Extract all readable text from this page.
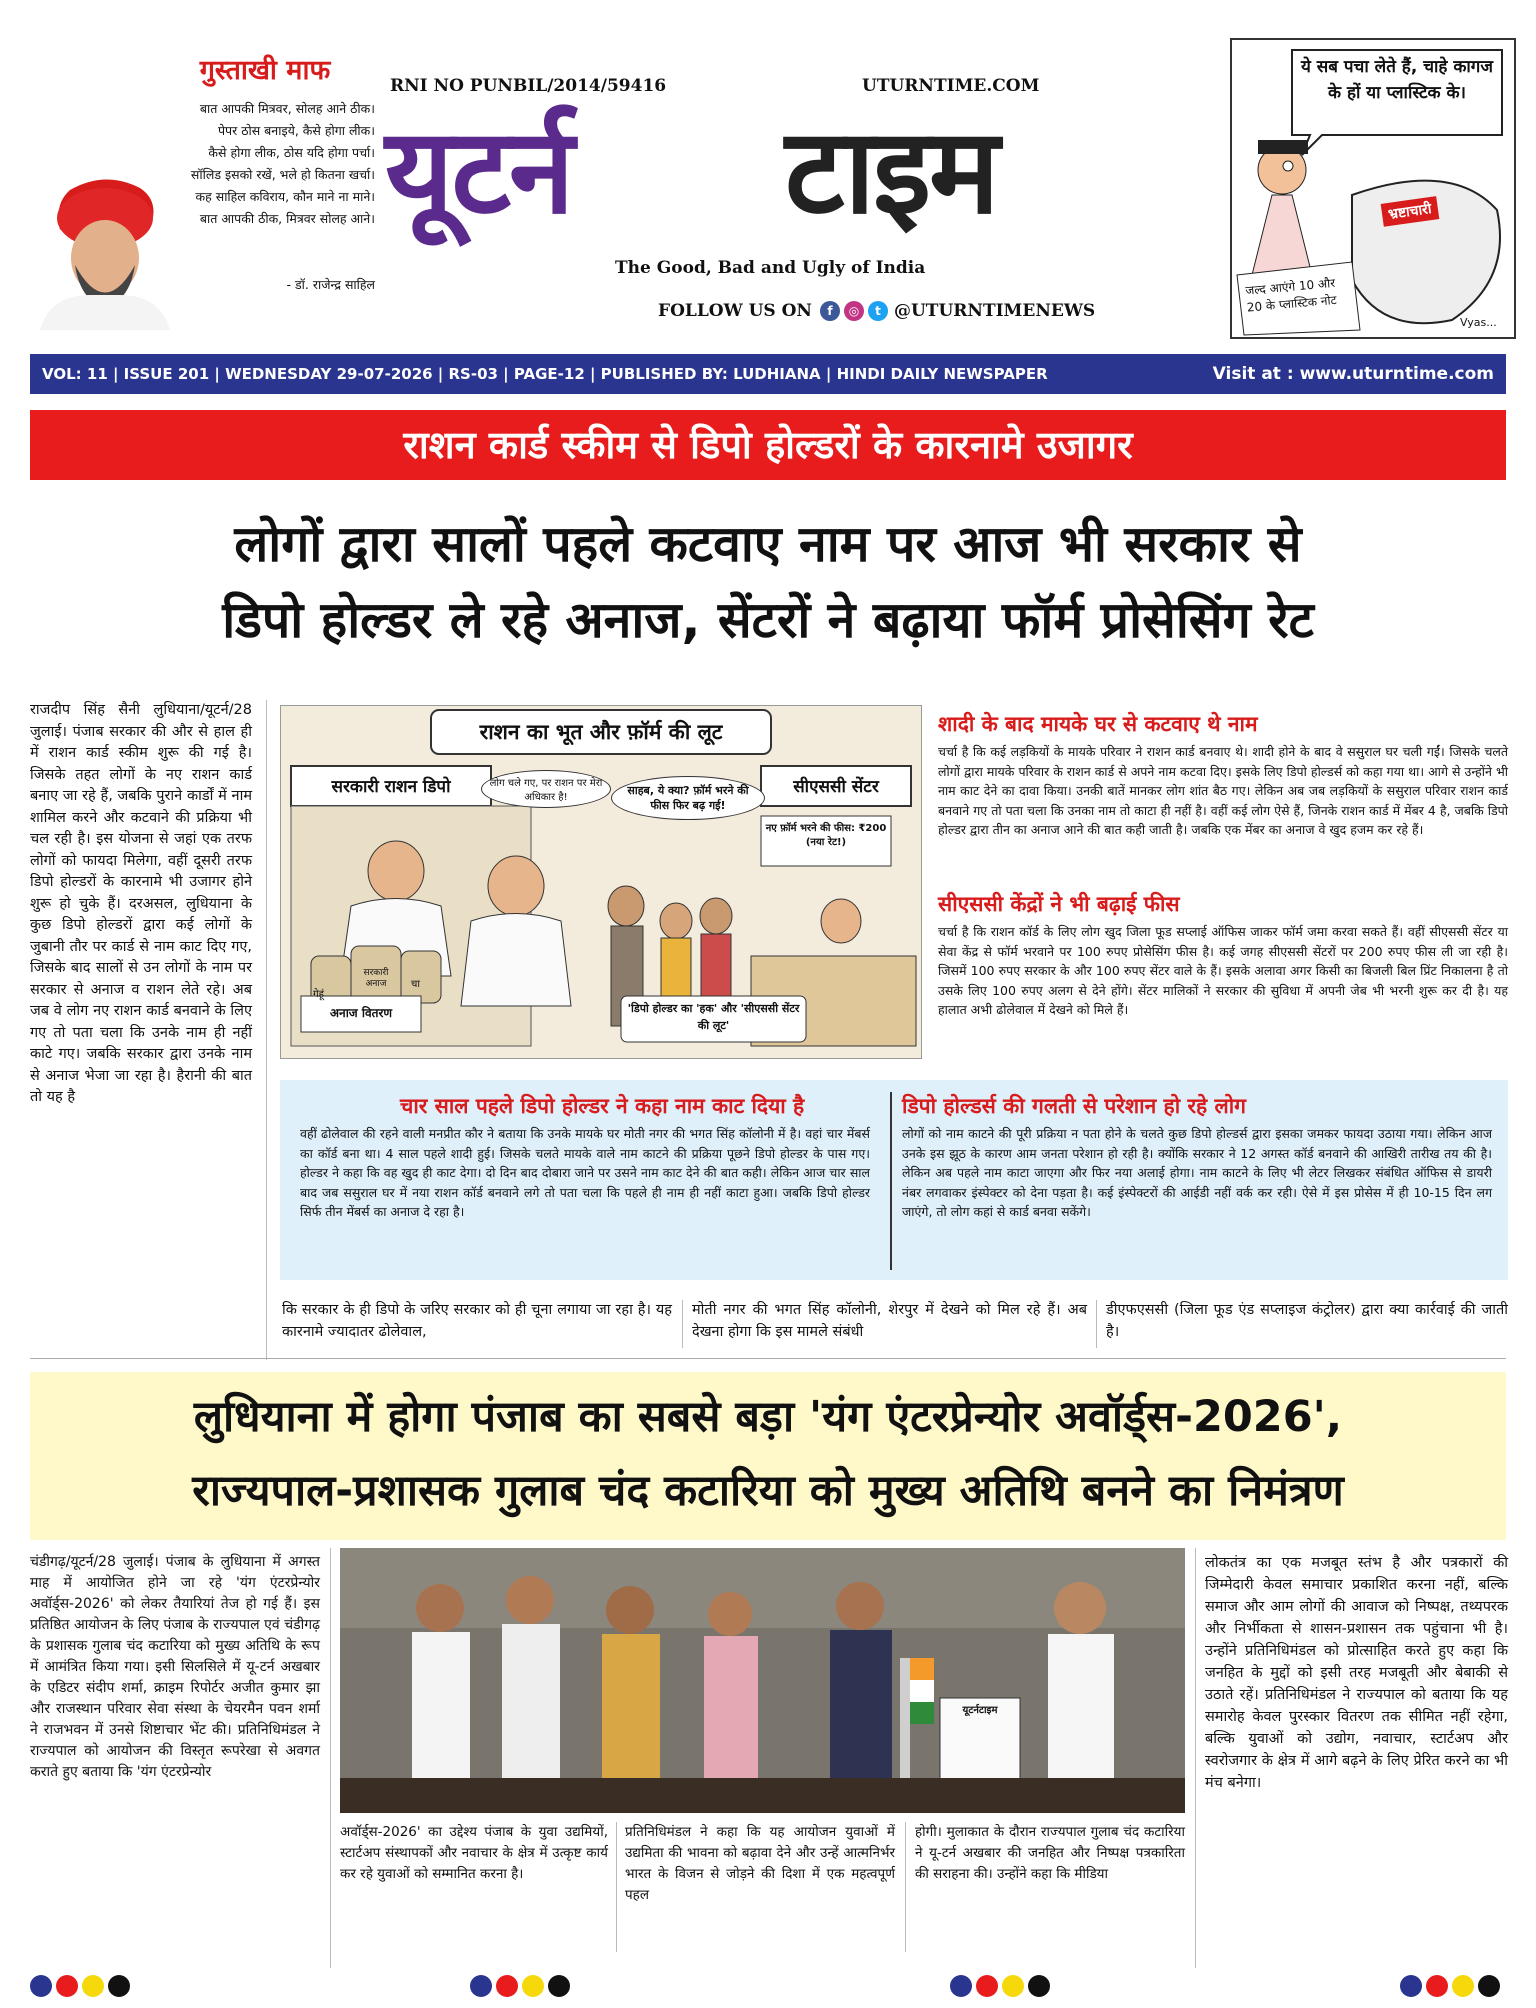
गुस्ताखी माफ
बात आपकी मित्रवर, सोलह आने ठीक।
पेपर ठोस बनाइये, कैसे होगा लीक।
कैसे होगा लीक, ठोस यदि होगा पर्चा।
सॉलिड इसको रखें, भले हो कितना खर्चा।
कह साहिल कविराय, कौन माने ना माने।
बात आपकी ठीक, मित्रवर सोलह आने।
- डॉ. राजेन्द्र साहिल
RNI NO PUNBIL/2014/59416	UTURNTIME.COM
यूटर्न टाइम
The Good, Bad and Ugly of India
FOLLOW US ON	f	◎	t @UTURNTIMENEWS
ये सब पचा लेते हैं, चाहे कागज के हों या प्लास्टिक के।
भ्रष्टाचारी
जल्द आएंगे 10 और 20 के प्लास्टिक नोट
Vyas...
VOL: 11 | ISSUE 201 | WEDNESDAY 29-07-2026 | RS-03 | PAGE-12 | PUBLISHED BY: LUDHIANA | HINDI DAILY NEWSPAPER	Visit at : www.uturntime.com
राशन कार्ड स्कीम से डिपो होल्डरों के कारनामे उजागर
लोगों द्वारा सालों पहले कटवाए नाम पर आज भी सरकार से
डिपो होल्डर ले रहे अनाज, सेंटरों ने बढ़ाया फॉर्म प्रोसेसिंग रेट
राजदीप सिंह सैनी लुधियाना/यूटर्न/28 जुलाई। पंजाब सरकार की और से हाल ही में राशन कार्ड स्कीम शुरू की गई है। जिसके तहत लोगों के नए राशन कार्ड बनाए जा रहे हैं, जबकि पुराने कार्डों में नाम शामिल करने और कटवाने की प्रक्रिया भी चल रही है। इस योजना से जहां एक तरफ लोगों को फायदा मिलेगा, वहीं दूसरी तरफ डिपो होल्डरों के कारनामे भी उजागर होने शुरू हो चुके हैं। दरअसल, लुधियाना के कुछ डिपो होल्डरों द्वारा कई लोगों के जुबानी तौर पर कार्ड से नाम काट दिए गए, जिसके बाद सालों से उन लोगों के नाम पर सरकार से अनाज व राशन लेते रहे। अब जब वे लोग नए राशन कार्ड बनवाने के लिए गए तो पता चला कि उनके नाम ही नहीं काटे गए। जबकि सरकार द्वारा उनके नाम से अनाज भेजा जा रहा है। हैरानी की बात तो यह है
राशन का भूत और फ़ॉर्म की लूट
सरकारी राशन डिपो	सीएससी सेंटर
लोग चले गए, पर राशन पर मेरा अधिकार है!
साहब, ये क्या? फ़ॉर्म भरने की फीस फिर बढ़ गई!
नए फ़ॉर्म भरने की फीस: ₹200 (नया रेट!)
गेहूं
सरकारी अनाज	चा
अनाज वितरण	'डिपो होल्डर का 'हक' और 'सीएससी सेंटर की लूट'
शादी के बाद मायके घर से कटवाए थे नाम
चर्चा है कि कई लड़कियों के मायके परिवार ने राशन कार्ड बनवाए थे। शादी होने के बाद वे ससुराल घर चली गईं। जिसके चलते लोगों द्वारा मायके परिवार के राशन कार्ड से अपने नाम कटवा दिए। इसके लिए डिपो होल्डर्स को कहा गया था। आगे से उन्होंने भी नाम काट देने का दावा किया। उनकी बातें मानकर लोग शांत बैठ गए। लेकिन अब जब लड़कियों के ससुराल परिवार राशन कार्ड बनवाने गए तो पता चला कि उनका नाम तो काटा ही नहीं है। वहीं कई लोग ऐसे हैं, जिनके राशन कार्ड में मेंबर 4 है, जबकि डिपो होल्डर द्वारा तीन का अनाज आने की बात कही जाती है। जबकि एक मेंबर का अनाज वे खुद हजम कर रहे हैं।
सीएससी केंद्रों ने भी बढ़ाई फीस
चर्चा है कि राशन कॉर्ड के लिए लोग खुद जिला फूड सप्लाई ऑफिस जाकर फॉर्म जमा करवा सकते हैं। वहीं सीएससी सेंटर या सेवा केंद्र से फॉर्म भरवाने पर 100 रुपए प्रोसेसिंग फीस है। कई जगह सीएससी सेंटरों पर 200 रुपए फीस ली जा रही है। जिसमें 100 रुपए सरकार के और 100 रुपए सेंटर वाले के हैं। इसके अलावा अगर किसी का बिजली बिल प्रिंट निकालना है तो उसके लिए 100 रुपए अलग से देने होंगे। सेंटर मालिकों ने सरकार की सुविधा में अपनी जेब भी भरनी शुरू कर दी है। यह हालात अभी ढोलेवाल में देखने को मिले हैं।
चार साल पहले डिपो होल्डर ने कहा नाम काट दिया है
वहीं ढोलेवाल की रहने वाली मनप्रीत कौर ने बताया कि उनके मायके घर मोती नगर की भगत सिंह कॉलोनी में है। वहां चार मेंबर्स का कॉर्ड बना था। 4 साल पहले शादी हुई। जिसके चलते मायके वाले नाम काटने की प्रक्रिया पूछने डिपो होल्डर के पास गए। होल्डर ने कहा कि वह खुद ही काट देगा। दो दिन बाद दोबारा जाने पर उसने नाम काट देने की बात कही। लेकिन आज चार साल बाद जब ससुराल घर में नया राशन कॉर्ड बनवाने लगे तो पता चला कि पहले ही नाम ही नहीं काटा हुआ। जबकि डिपो होल्डर सिर्फ तीन मेंबर्स का अनाज दे रहा है।
डिपो होल्डर्स की गलती से परेशान हो रहे लोग
लोगों को नाम काटने की पूरी प्रक्रिया न पता होने के चलते कुछ डिपो होल्डर्स द्वारा इसका जमकर फायदा उठाया गया। लेकिन आज उनके इस झूठ के कारण आम जनता परेशान हो रही है। क्योंकि सरकार ने 12 अगस्त कॉर्ड बनवाने की आखिरी तारीख तय की है। लेकिन अब पहले नाम काटा जाएगा और फिर नया अलाई होगा। नाम काटने के लिए भी लेटर लिखकर संबंधित ऑफिस से डायरी नंबर लगवाकर इंस्पेक्टर को देना पड़ता है। कई इंस्पेक्टरों की आईडी नहीं वर्क कर रही। ऐसे में इस प्रोसेस में ही 10-15 दिन लग जाएंगे, तो लोग कहां से कार्ड बनवा सकेंगे।
कि सरकार के ही डिपो के जरिए सरकार को ही चूना लगाया जा रहा है। यह कारनामे ज्यादातर ढोलेवाल,
मोती नगर की भगत सिंह कॉलोनी, शेरपुर में देखने को मिल रहे हैं। अब देखना होगा कि इस मामले संबंधी
डीएफएससी (जिला फूड एंड सप्लाइज कंट्रोलर) द्वारा क्या कार्रवाई की जाती है।
लुधियाना में होगा पंजाब का सबसे बड़ा 'यंग एंटरप्रेन्योर अवॉर्ड्स-2026',
राज्यपाल-प्रशासक गुलाब चंद कटारिया को मुख्य अतिथि बनने का निमंत्रण
चंडीगढ़/यूटर्न/28 जुलाई। पंजाब के लुधियाना में अगस्त माह में आयोजित होने जा रहे 'यंग एंटरप्रेन्योर अवॉर्ड्स-2026' को लेकर तैयारियां तेज हो गई हैं। इस प्रतिष्ठित आयोजन के लिए पंजाब के राज्यपाल एवं चंडीगढ़ के प्रशासक गुलाब चंद कटारिया को मुख्य अतिथि के रूप में आमंत्रित किया गया। इसी सिलसिले में यू-टर्न अखबार के एडिटर संदीप शर्मा, क्राइम रिपोर्टर अजीत कुमार झा और राजस्थान परिवार सेवा संस्था के चेयरमैन पवन शर्मा ने राजभवन में उनसे शिष्टाचार भेंट की। प्रतिनिधिमंडल ने राज्यपाल को आयोजन की विस्तृत रूपरेखा से अवगत कराते हुए बताया कि 'यंग एंटरप्रेन्योर
यूटर्नटाइम
अवॉर्ड्स-2026' का उद्देश्य पंजाब के युवा उद्यमियों, स्टार्टअप संस्थापकों और नवाचार के क्षेत्र में उत्कृष्ट कार्य कर रहे युवाओं को सम्मानित करना है।
प्रतिनिधिमंडल ने कहा कि यह आयोजन युवाओं में उद्यमिता की भावना को बढ़ावा देने और उन्हें आत्मनिर्भर भारत के विजन से जोड़ने की दिशा में एक महत्वपूर्ण पहल
होगी। मुलाकात के दौरान राज्यपाल गुलाब चंद कटारिया ने यू-टर्न अखबार की जनहित और निष्पक्ष पत्रकारिता की सराहना की। उन्होंने कहा कि मीडिया
लोकतंत्र का एक मजबूत स्तंभ है और पत्रकारों की जिम्मेदारी केवल समाचार प्रकाशित करना नहीं, बल्कि समाज और आम लोगों की आवाज को निष्पक्ष, तथ्यपरक और निर्भीकता से शासन-प्रशासन तक पहुंचाना भी है। उन्होंने प्रतिनिधिमंडल को प्रोत्साहित करते हुए कहा कि जनहित के मुद्दों को इसी तरह मजबूती और बेबाकी से उठाते रहें। प्रतिनिधिमंडल ने राज्यपाल को बताया कि यह समारोह केवल पुरस्कार वितरण तक सीमित नहीं रहेगा, बल्कि युवाओं को उद्योग, नवाचार, स्टार्टअप और स्वरोजगार के क्षेत्र में आगे बढ़ने के लिए प्रेरित करने का भी मंच बनेगा।
